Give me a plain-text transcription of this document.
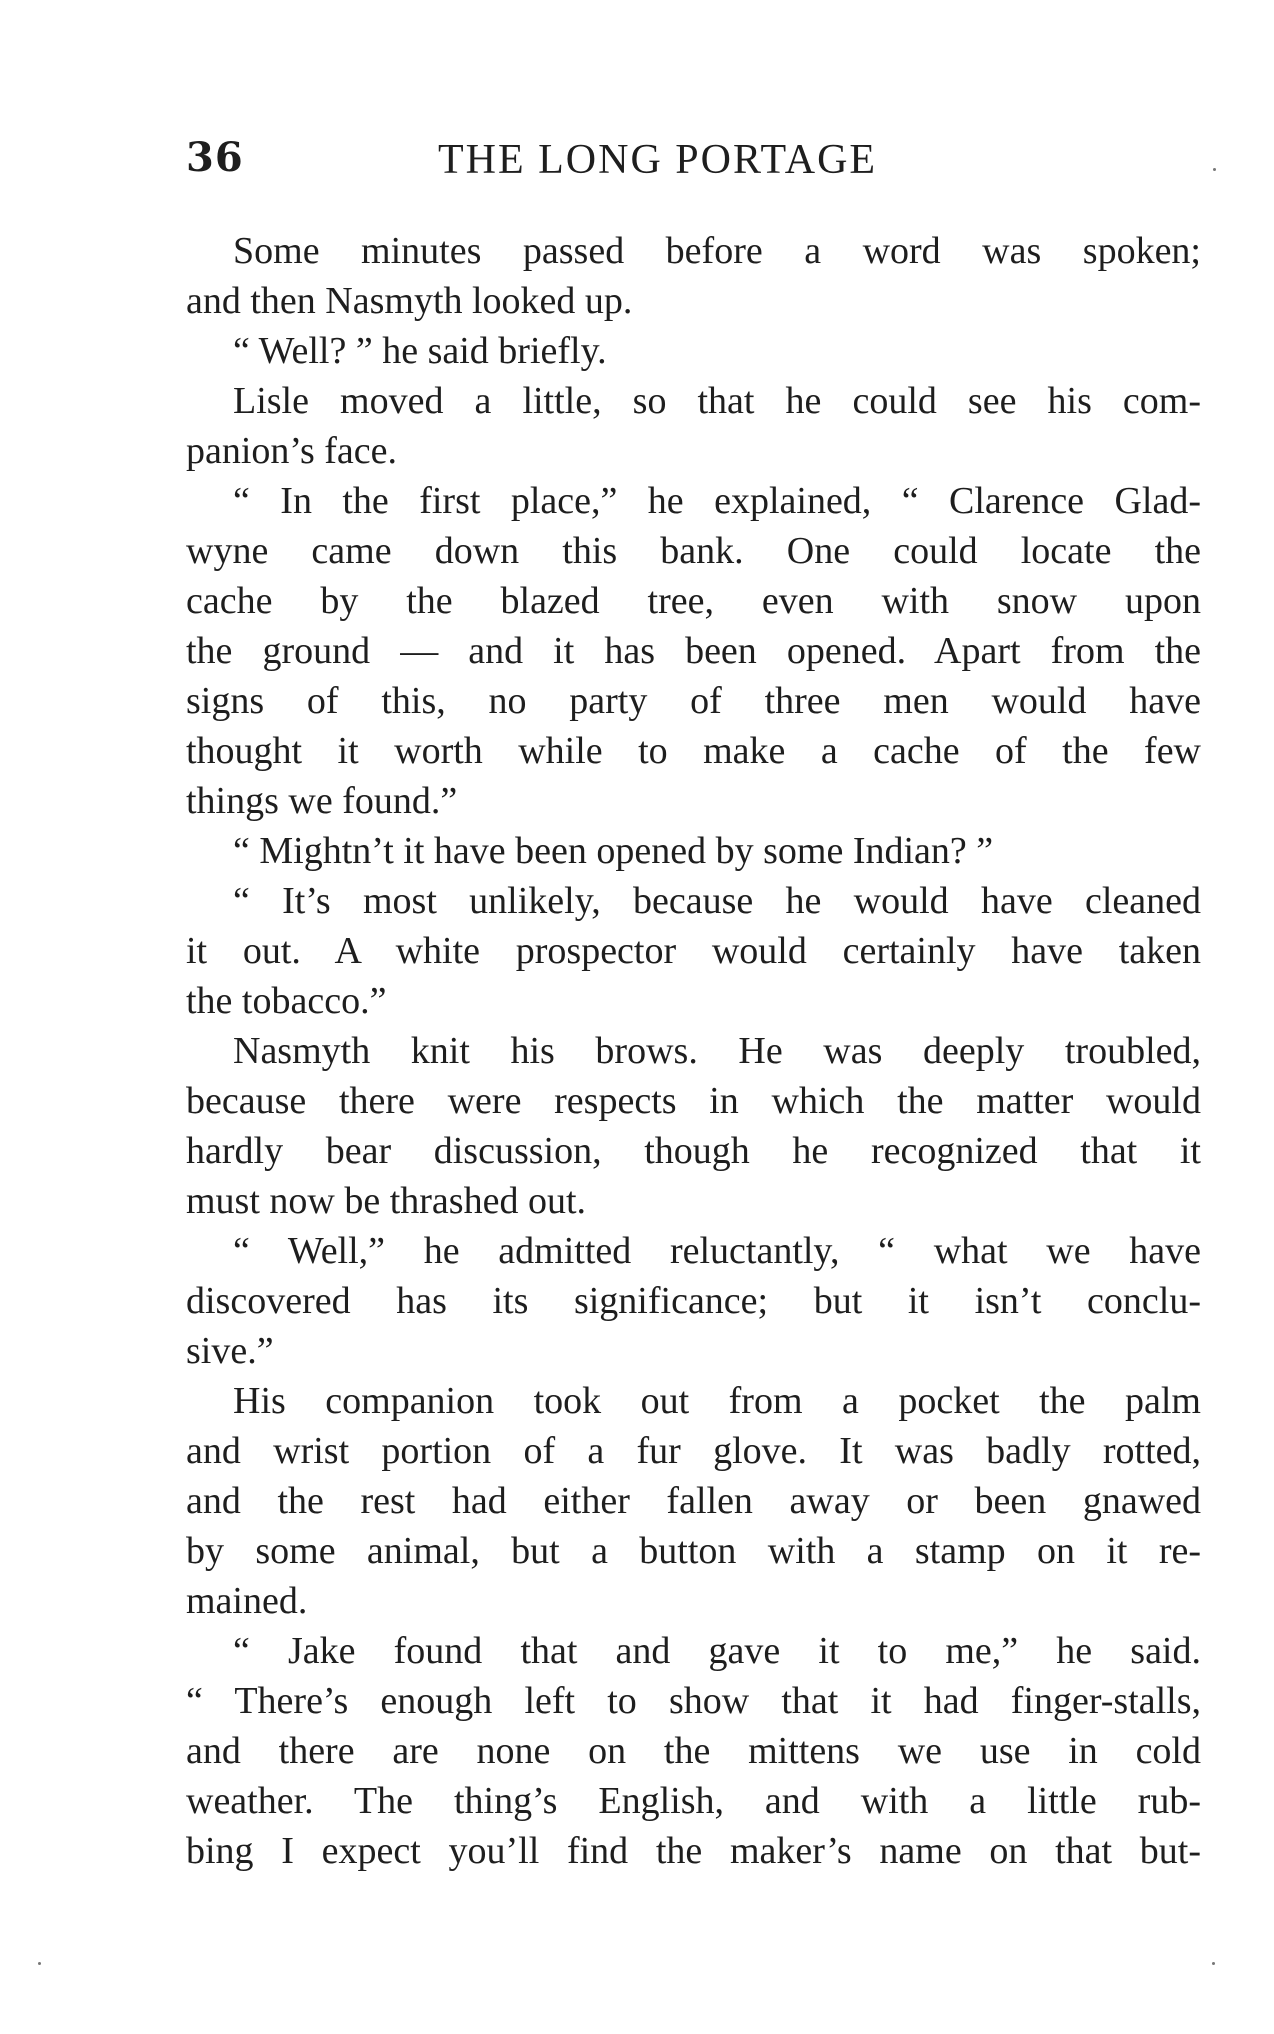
36	THE LONG PORTAGE
Some minutes passed before a word was spoken;
and then Nasmyth looked up.
“ Well? ” he said briefly.
Lisle moved a little, so that he could see his com-
panion’s face.
“ In the first place,” he explained, “ Clarence Glad-
wyne came down this bank. One could locate the
cache by the blazed tree, even with snow upon
the ground — and it has been opened. Apart from the
signs of this, no party of three men would have
thought it worth while to make a cache of the few
things we found.”
“ Mightn’t it have been opened by some Indian? ”
“ It’s most unlikely, because he would have cleaned
it out. A white prospector would certainly have taken
the tobacco.”
Nasmyth knit his brows. He was deeply troubled,
because there were respects in which the matter would
hardly bear discussion, though he recognized that it
must now be thrashed out.
“ Well,” he admitted reluctantly, “ what we have
discovered has its significance; but it isn’t conclu-
sive.”
His companion took out from a pocket the palm
and wrist portion of a fur glove. It was badly rotted,
and the rest had either fallen away or been gnawed
by some animal, but a button with a stamp on it re-
mained.
“ Jake found that and gave it to me,” he said.
“ There’s enough left to show that it had finger-stalls,
and there are none on the mittens we use in cold
weather. The thing’s English, and with a little rub-
bing I expect you’ll find the maker’s name on that but-
